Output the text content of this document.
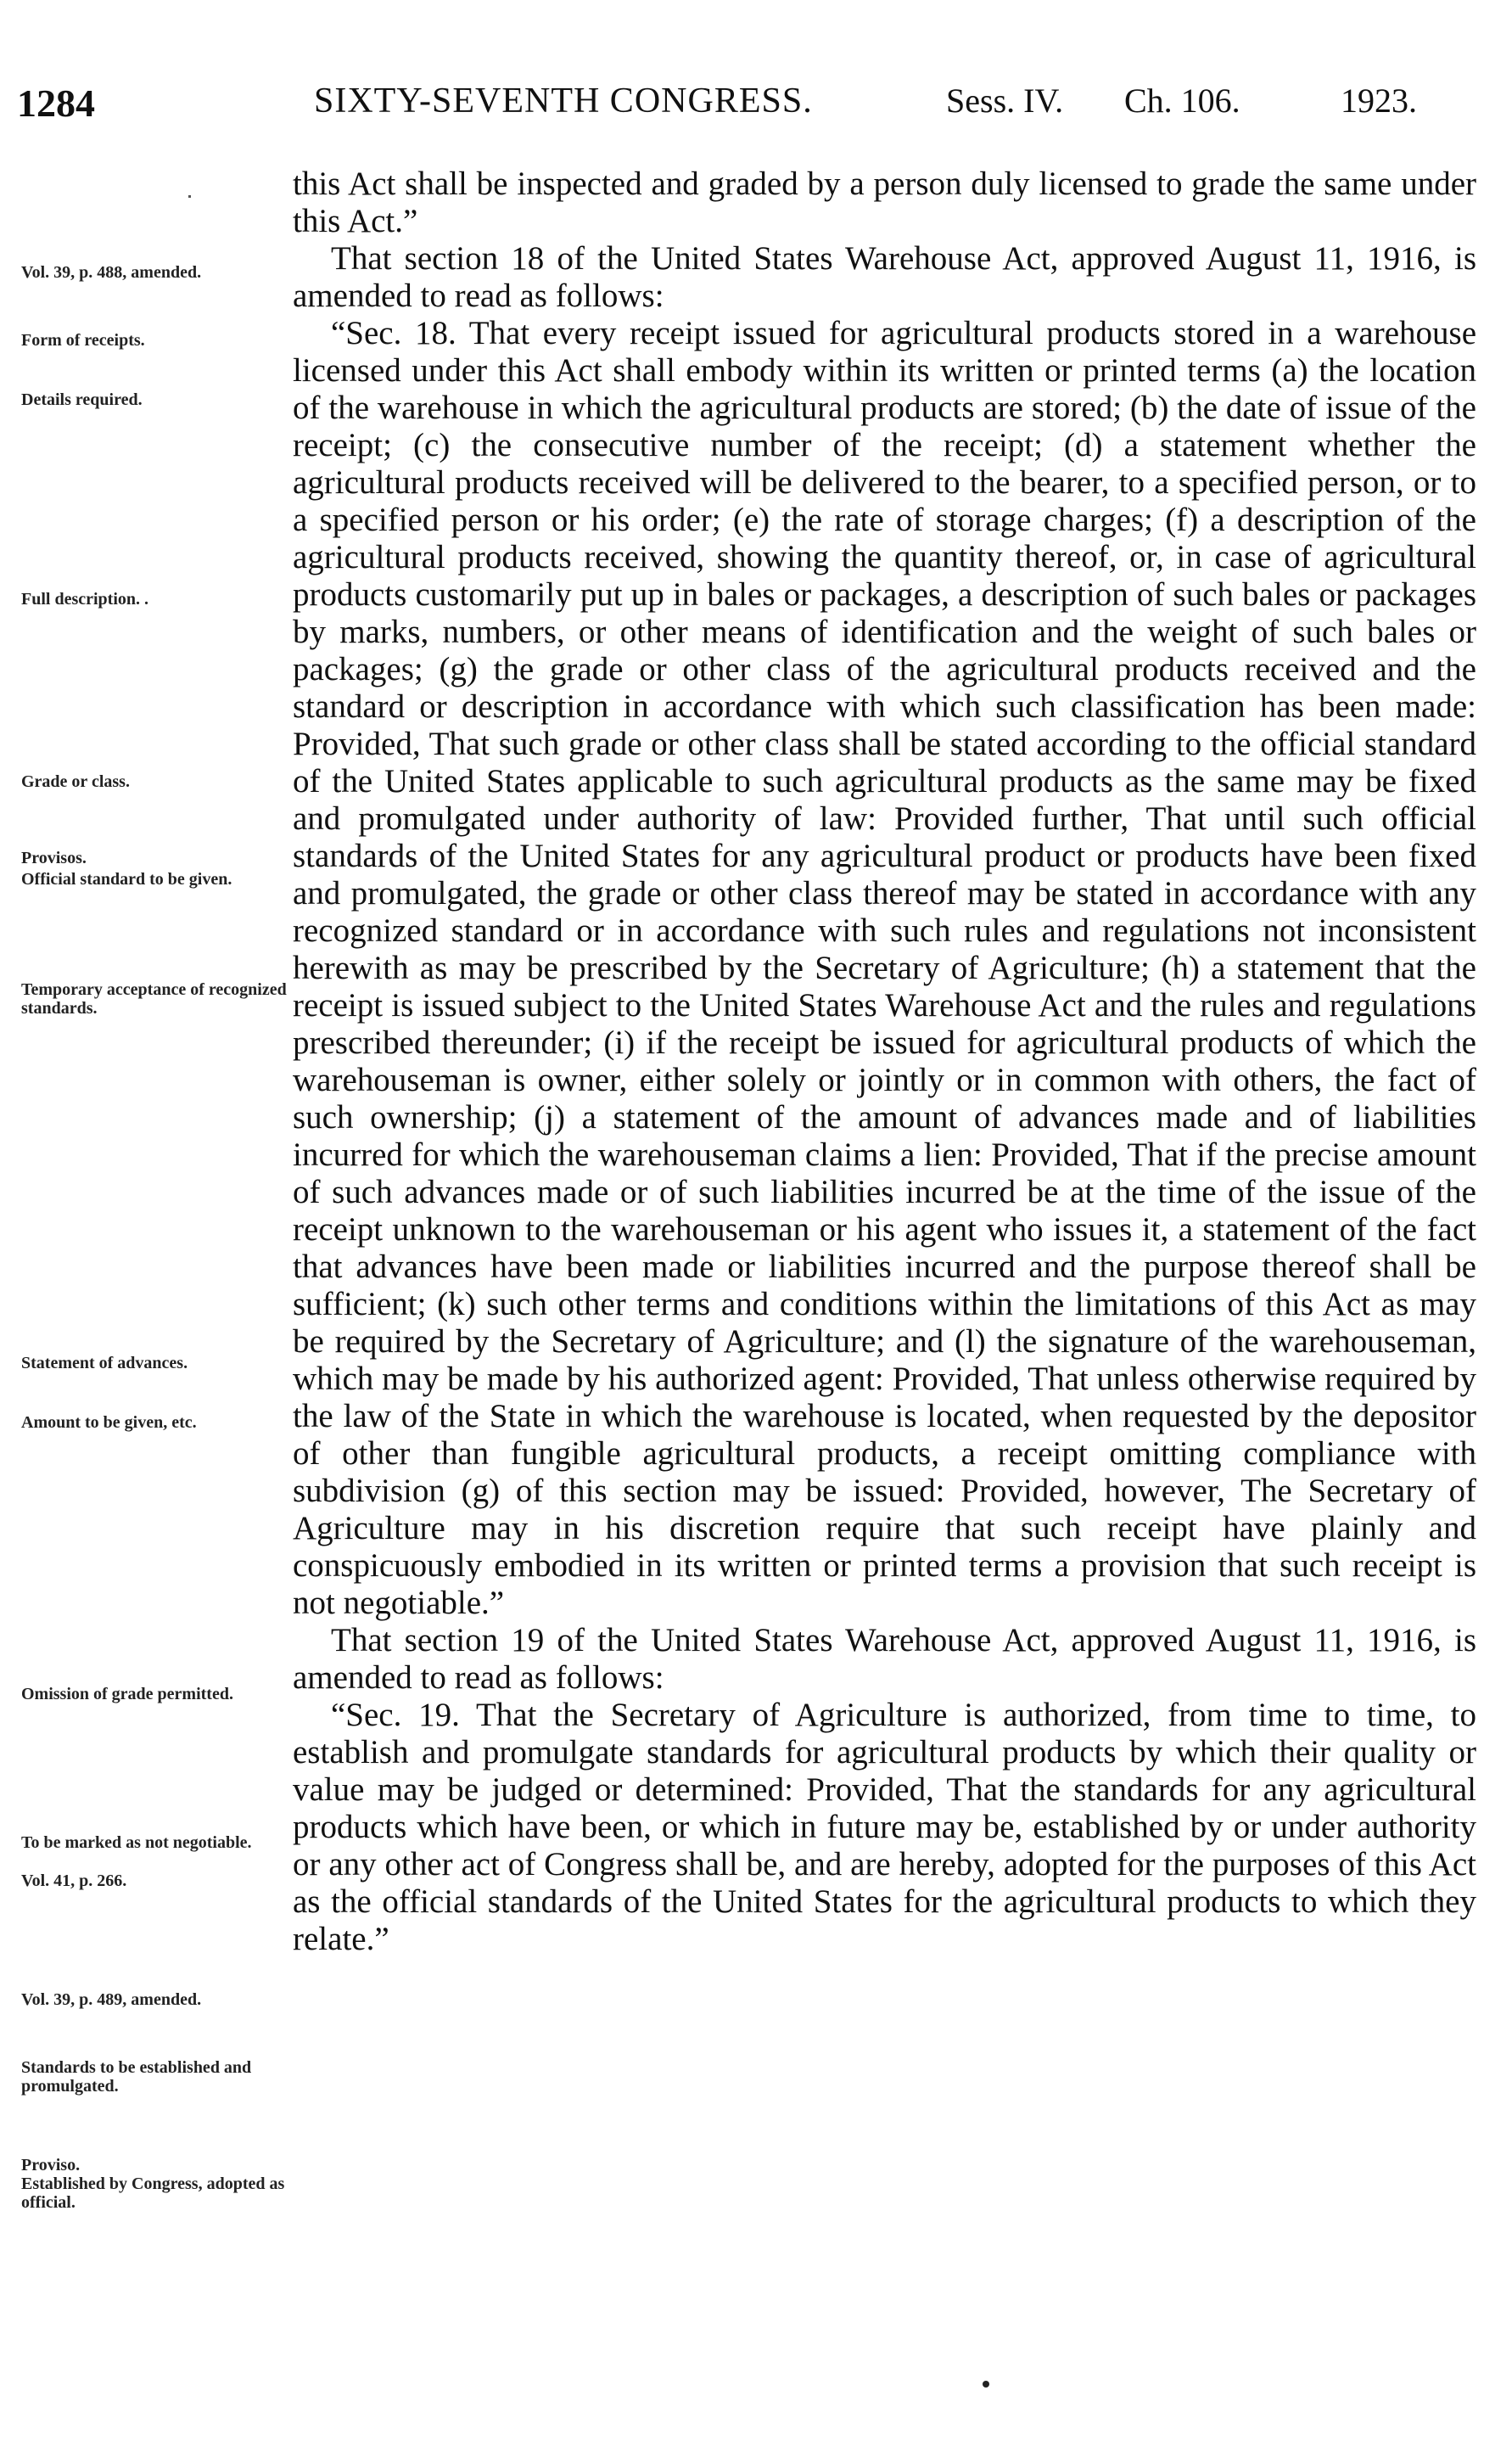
1284	SIXTY-SEVENTH CONGRESS.	Sess. IV. Ch. 106.	1923.
Vol. 39, p. 488, amended.
Form of receipts.
Details required.
Full description. .
Grade or class.
Provisos.
Official standard to be given.
Temporary acceptance of recognized standards.
Statement of advances.
Amount to be given, etc.
Omission of grade permitted.
To be marked as not negotiable.
Vol. 41, p. 266.
Vol. 39, p. 489, amended.
Standards to be established and promulgated.
Proviso.
Established by Congress, adopted as official.

this Act shall be inspected and graded by a person duly licensed to grade the same under this Act.”

That section 18 of the United States Warehouse Act, approved August 11, 1916, is amended to read as follows:

“Sec. 18. That every receipt issued for agricultural products stored in a warehouse licensed under this Act shall embody within its written or printed terms (a) the location of the warehouse in which the agricultural products are stored; (b) the date of issue of the receipt; (c) the consecutive number of the receipt; (d) a statement whether the agricultural products received will be delivered to the bearer, to a specified person, or to a specified person or his order; (e) the rate of storage charges; (f) a description of the agricultural products received, showing the quantity thereof, or, in case of agricultural products customarily put up in bales or packages, a description of such bales or packages by marks, numbers, or other means of identification and the weight of such bales or packages; (g) the grade or other class of the agricultural products received and the standard or description in accordance with which such classification has been made: Provided, That such grade or other class shall be stated according to the official standard of the United States applicable to such agricultural products as the same may be fixed and promulgated under authority of law: Provided further, That until such official standards of the United States for any agricultural product or products have been fixed and promulgated, the grade or other class thereof may be stated in accordance with any recognized standard or in accordance with such rules and regulations not inconsistent herewith as may be prescribed by the Secretary of Agriculture; (h) a statement that the receipt is issued subject to the United States Warehouse Act and the rules and regulations prescribed thereunder; (i) if the receipt be issued for agricultural products of which the warehouseman is owner, either solely or jointly or in common with others, the fact of such ownership; (j) a statement of the amount of advances made and of liabilities incurred for which the warehouseman claims a lien: Provided, That if the precise amount of such advances made or of such liabilities incurred be at the time of the issue of the receipt unknown to the warehouseman or his agent who issues it, a statement of the fact that advances have been made or liabilities incurred and the purpose thereof shall be sufficient; (k) such other terms and conditions within the limitations of this Act as may be required by the Secretary of Agriculture; and (l) the signature of the warehouseman, which may be made by his authorized agent: Provided, That unless otherwise required by the law of the State in which the warehouse is located, when requested by the depositor of other than fungible agricultural products, a receipt omitting compliance with subdivision (g) of this section may be issued: Provided, however, The Secretary of Agriculture may in his discretion require that such receipt have plainly and conspicuously embodied in its written or printed terms a provision that such receipt is not negotiable.”

That section 19 of the United States Warehouse Act, approved August 11, 1916, is amended to read as follows:

“Sec. 19. That the Secretary of Agriculture is authorized, from time to time, to establish and promulgate standards for agricultural products by which their quality or value may be judged or determined: Provided, That the standards for any agricultural products which have been, or which in future may be, established by or under authority or any other act of Congress shall be, and are hereby, adopted for the purposes of this Act as the official standards of the United States for the agricultural products to which they relate.”
